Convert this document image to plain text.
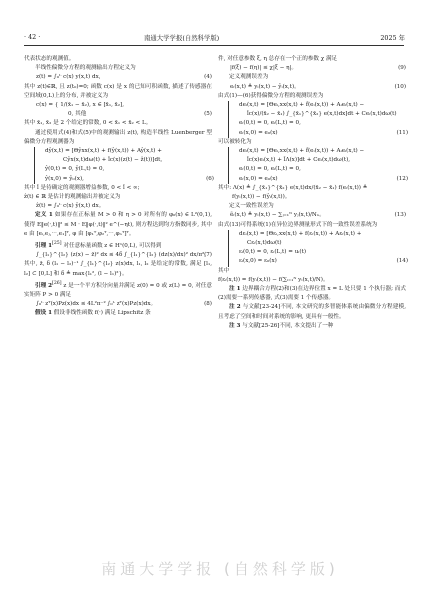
· 42 ·	南通大学学报(自然科学版)	2025 年
代表状态的观测值。
半线性偏微分方程的观测输出方程定义为
z(t) = ∫₀ᴸ c(x) y(x,t) dx,	(4)
其中 z(t)∈ℝ, 且 z(t₀)=0; 函数 c(x) 是 x 的已知可积函数, 描述了传感器在空间域(0,L)上的分布, 并被定义为
c(x) = { 1/(x̄₁ − x̄₂), x ∈ [x̄₁, x̄₂],
0, 其他	(5)
其中 x̄₁, x̄₂ 是 2 个给定的常数, 0 < x̄₁ < x̄₂ < L。
通过使用式(4)和式(5)中的观测输出 z(t), 构造半线性 Luenberger 型偏微分方程观测器为
dŷ(x,t) = [Θŷxx(x,t) + f(ŷ(x,t)) + Aŷ(x,t) +
Cŷx(x,t)dω(t) + l̃c(x)(z(t) − ẑ(t))]dt,
ŷ(0,t) = 0, ŷ(L,t) = 0,
ŷ(x,0) = ŷ₀(x),	(6)
其中 l̃ 是待确定的观测器增益参数, 0 < l̃ < ∞;
ẑ(t) ∈ ℝ 是估计的观测输出并被定义为
ẑ(t) = ∫₀ᴸ c(x) ŷ(x,t) dx。
定义 1 如果存在正标量 M > 0 和 η > 0 对所有的 φ₀(x) ∈ L²(0,1), 使得 E‖e(·,t)‖² ≤ M · E‖φ(·,t)‖² e^(−ηt), 则方程达到均方指数同步, 其中 e 由 [eᵢ,eⱼ,⋯,e₁]ᵀ, φ 由 [φ₁ᵀ,φ₂ᵀ,⋯,φₙᵀ]ᵀ。
引理 1[25] 对任意标量函数 z ∈ H¹(0,L), 可以得到
∫_{l₁}^{l₂} (z(x) − z̄)² dx ≤ 4δ ∫_{l₁}^{l₂} (dz(x)/dx)² dx/π²,
(7)
其中, z̄, δ (l₁ − l₂)⁻¹ ∫_{l₁}^{l₂} z(x)dx, l₁, l₂ 是给定的常数, 满足 [l₁, l₂] ⊂ [0,L] 和 δ ≜ max{l₁², (l − l₁)²}。
引理 2[26] z 是一个平方积分向量并满足 z(0) = 0 或 z(L) = 0, 对任意实矩阵 P > 0 满足
∫₀ᴸ zᵀ(x)Pz(x)dx ≤ 4L²π⁻² ∫₀ᴸ zᵀ(x)Pz(x)dx。	(8)
假设 1 假设非线性函数 f(·) 满足 Lipschitz 条
件, 对任意参数 ξ, η 总存在一个正的参数 χ 满足
|f(ξ) − f(η)| ≤ χ|ξ − η|。	(9)
定义观测误差为
eᵢ(x,t) ≜ yᵢ(x,t) − ŷᵢ(x,t)。	(10)
由式(1)—(6)获得偏微分方程的观测误差为
deᵢ(x,t) = [Θeᵢ,xx(x,t) + f̃(eᵢ(x,t)) + Aᵢeᵢ(x,t) −
l̃c(x)/(x̄₂ − x̄₁) ∫_{x̄₁}^{x̄₂} e(x,t)dx]dt + Ceᵢ(x,t)dω(t)
eᵢ(0,t) = 0, eᵢ(L,t) = 0,
eᵢ(x,0) = e₀(x)	(11)
可以被转化为
deᵢ(x,t) = [Θeᵢ,xx(x,t) + f̃(eᵢ(x,t)) + Aᵢeᵢ(x,t) −
l̃c(x)eᵢ(x,t) + l̃Λ(x)]dt + Ceᵢ(x,t)dω(t),
eᵢ(0,t) = 0, eᵢ(L,t) = 0,
eᵢ(x,0) = e₀(x)	(12)
其中: Λ(x) ≜ ∫_{x̄₁}^{x̄₂} e(x,t)dx/(x̄₂ − x̄₁) f(eᵢ(x,t)) ≜
f(yᵢ(x,t)) − f(ŷᵢ(x,t))。
定义一致性误差为
ẽᵢ(x,t) ≜ yᵢ(x,t) − ∑ⱼ₌₁ᴺ yⱼ(x,t)/Nₙ。	(13)
由式(13)可得系统(1)在异位边界测量形式下的一致性误差系统为
dεᵢ(x,t) = [Θεᵢ,xx(x,t) + f(εᵢ(x,t)) + Aεᵢ(x,t) +
Cεᵢ(x,t)dω(t)
εᵢ(0,t) = 0, εᵢ(L,t) = uᵢ(t)
εᵢ(x,0) = ε₀(x)	(14)
其中
f(εᵢ(x,t)) = f(yᵢ(x,t)) − f(∑ᵢ₌₁ᴺ yᵢ(x,t)/N)。
注 1 边界耦合方程(2)和(3)在边界位置 x = L 处只要 1 个执行器; 而式(2)需要一系列传感器, 式(3)需要 1 个传感器。
注 2 与文献[23-24]不同, 本文研究的多智能体系统由偏微分方程建模, 且考虑了空间和时间对系统的影响, 更具有一般性。
注 3 与文献[25-26]不同, 本文提出了一种
南通大学学报 (自然科学版)
